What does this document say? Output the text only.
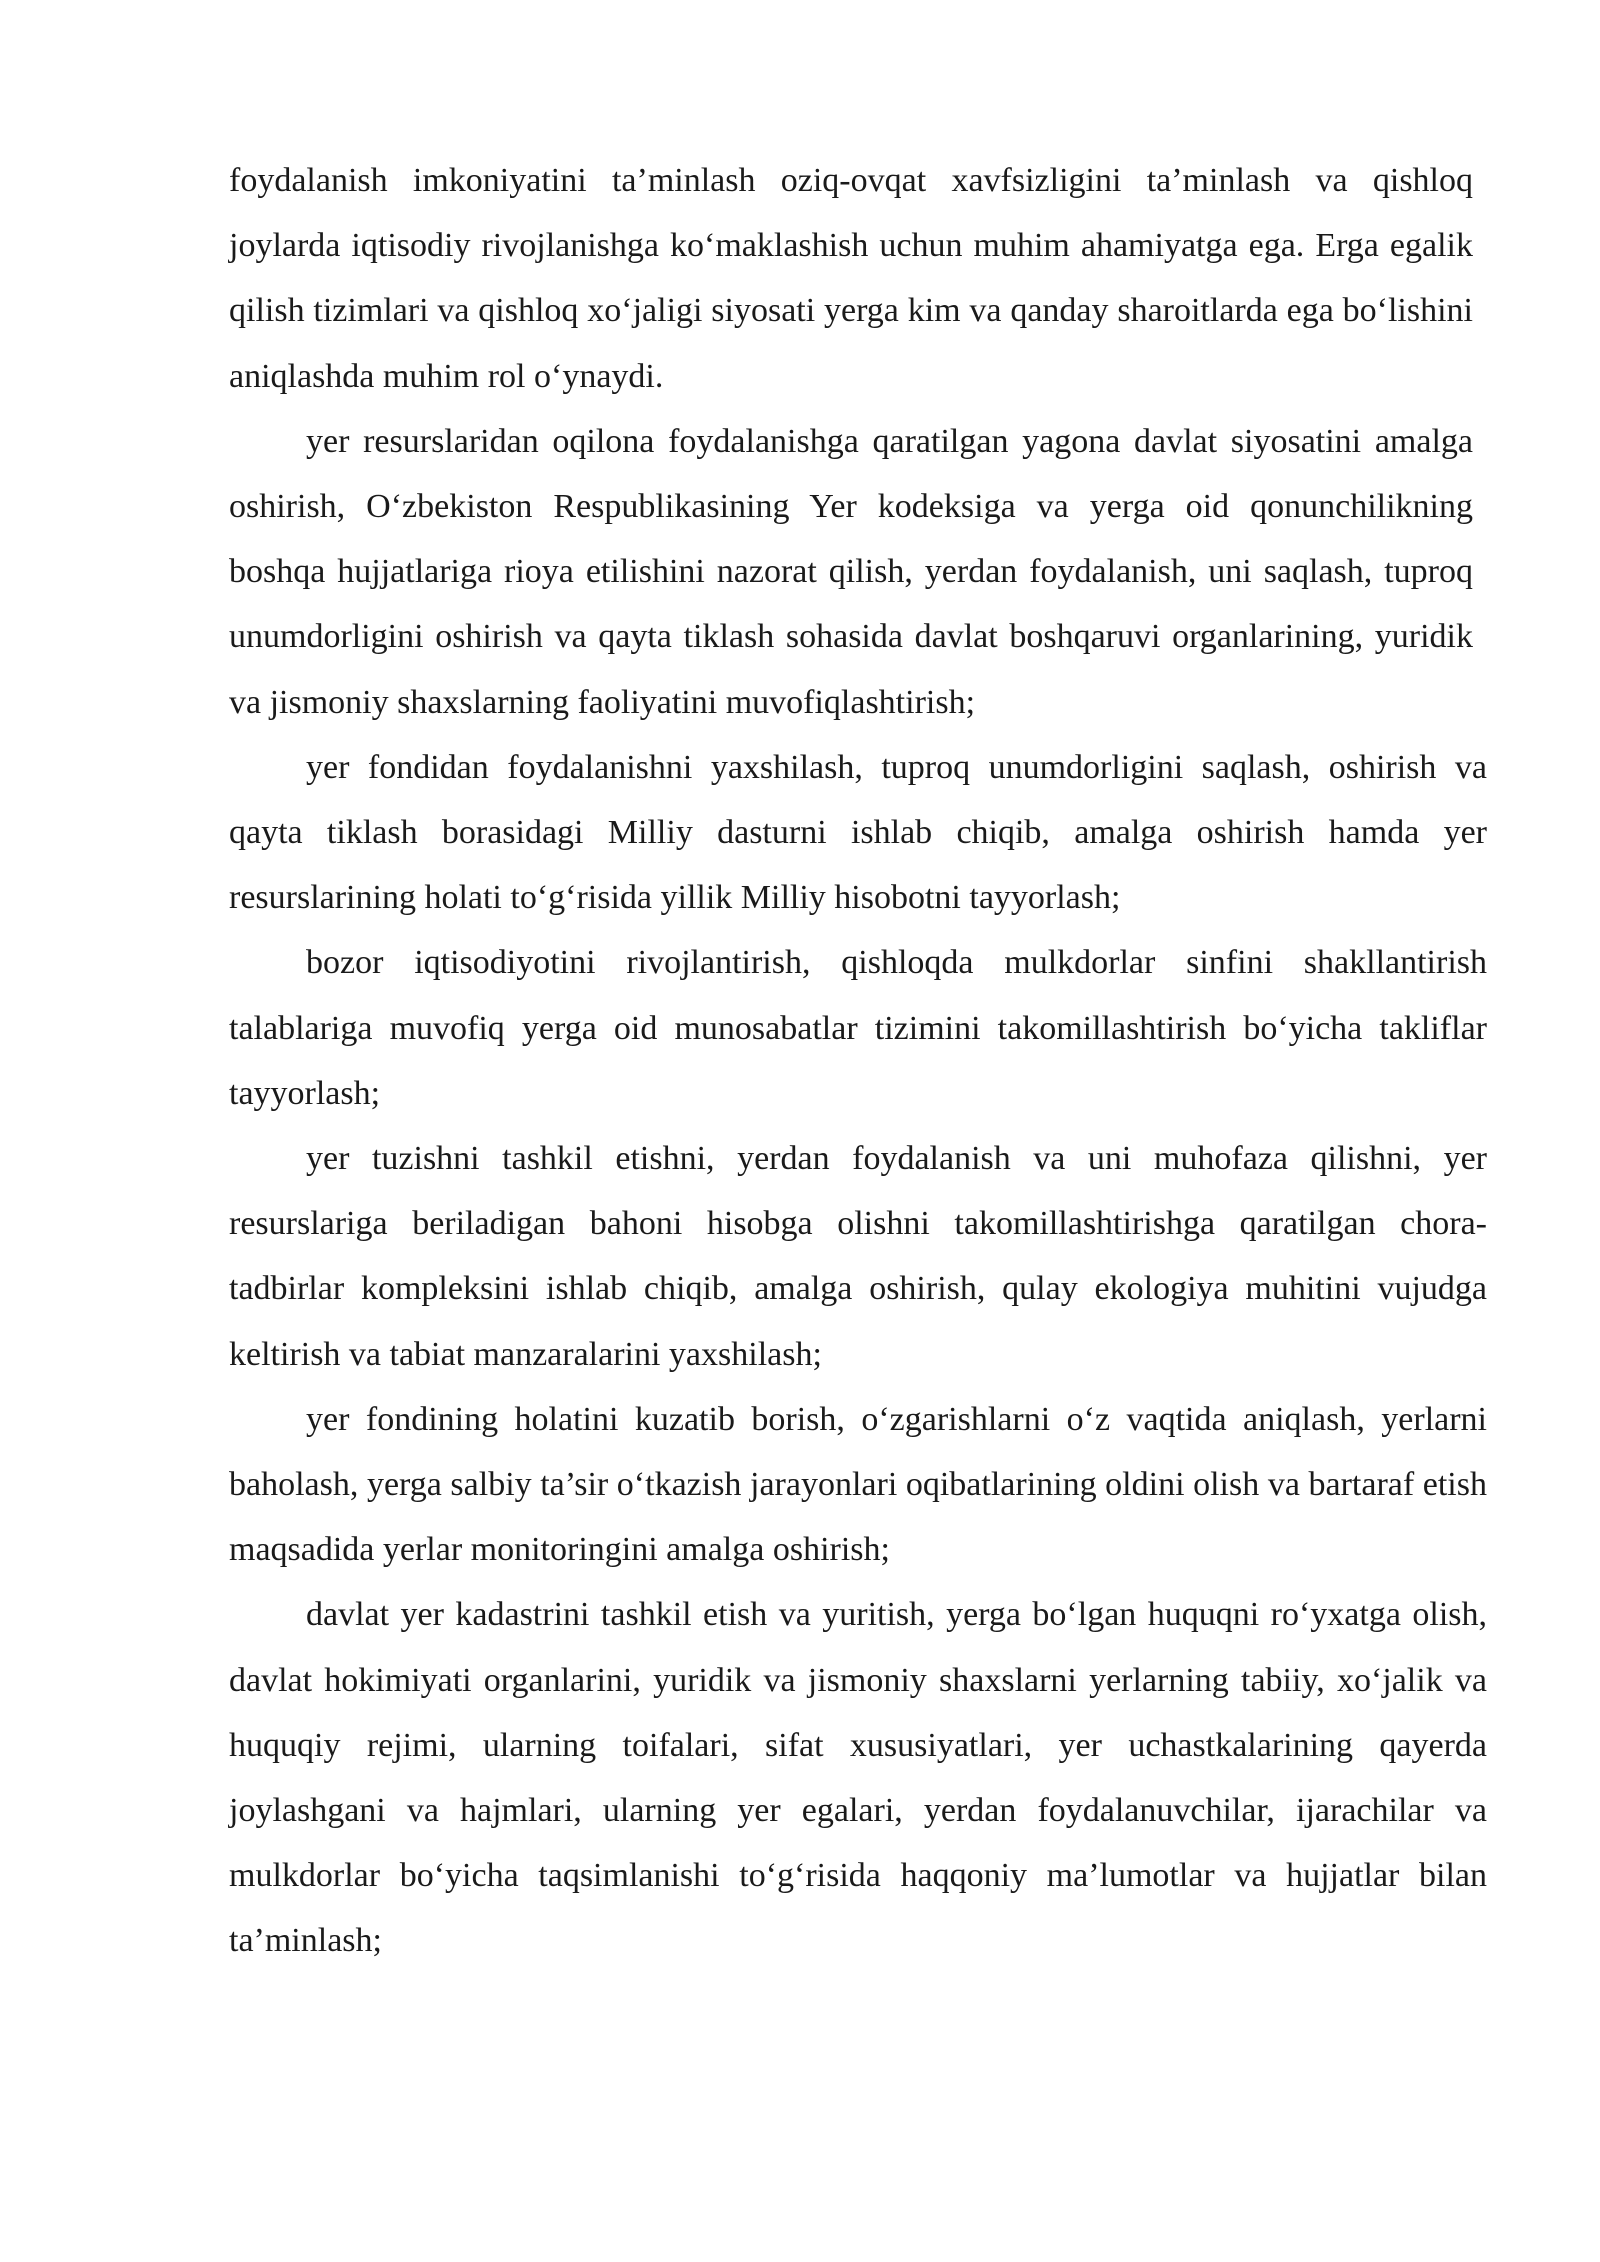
foydalanish imkoniyatini ta’minlash oziq-ovqat xavfsizligini ta’minlash va qishloq joylarda iqtisodiy rivojlanishga ko‘maklashish uchun muhim ahamiyatga ega. Erga egalik qilish tizimlari va qishloq xo‘jaligi siyosati yerga kim va qanday sharoitlarda ega bo‘lishini aniqlashda muhim rol o‘ynaydi.

yer resurslaridan oqilona foydalanishga qaratilgan yagona davlat siyosatini amalga oshirish, O‘zbekiston Respublikasining Yer kodeksiga va yerga oid qonunchilikning boshqa hujjatlariga rioya etilishini nazorat qilish, yerdan foydalanish, uni saqlash, tuproq unumdorligini oshirish va qayta tiklash sohasida davlat boshqaruvi organlarining, yuridik va jismoniy shaxslarning faoliyatini muvofiqlashtirish;

yer fondidan foydalanishni yaxshilash, tuproq unumdorligini saqlash, oshirish va qayta tiklash borasidagi Milliy dasturni ishlab chiqib, amalga oshirish hamda yer resurslarining holati to‘g‘risida yillik Milliy hisobotni tayyorlash;

bozor iqtisodiyotini rivojlantirish, qishloqda mulkdorlar sinfini shakllantirish talablariga muvofiq yerga oid munosabatlar tizimini takomillashtirish bo‘yicha takliflar tayyorlash;

yer tuzishni tashkil etishni, yerdan foydalanish va uni muhofaza qilishni, yer resurslariga beriladigan bahoni hisobga olishni takomillashtirishga qaratilgan chora-tadbirlar kompleksini ishlab chiqib, amalga oshirish, qulay ekologiya muhitini vujudga keltirish va tabiat manzaralarini yaxshilash;

yer fondining holatini kuzatib borish, o‘zgarishlarni o‘z vaqtida aniqlash, yerlarni baholash, yerga salbiy ta’sir o‘tkazish jarayonlari oqibatlarining oldini olish va bartaraf etish maqsadida yerlar monitoringini amalga oshirish;

davlat yer kadastrini tashkil etish va yuritish, yerga bo‘lgan huquqni ro‘yxatga olish, davlat hokimiyati organlarini, yuridik va jismoniy shaxslarni yerlarning tabiiy, xo‘jalik va huquqiy rejimi, ularning toifalari, sifat xususiyatlari, yer uchastkalarining qayerda joylashgani va hajmlari, ularning yer egalari, yerdan foydalanuvchilar, ijarachilar va mulkdorlar bo‘yicha taqsimlanishi to‘g‘risida haqqoniy ma’lumotlar va hujjatlar bilan ta’minlash;
